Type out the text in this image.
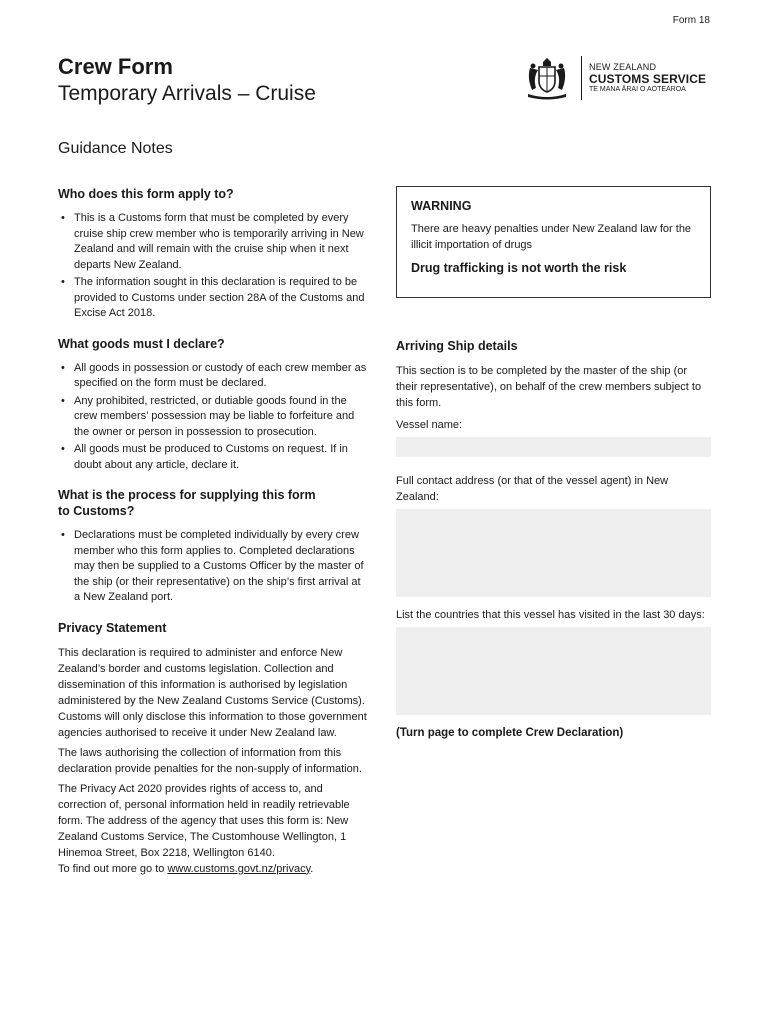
Form 18
Crew Form
Temporary Arrivals – Cruise
NEW ZEALAND
CUSTOMS SERVICE
TE MANA ĀRAI O AOTEAROA
Guidance Notes
Who does this form apply to?
• This is a Customs form that must be completed by every cruise ship crew member who is temporarily arriving in New Zealand and will remain with the cruise ship when it next departs New Zealand.
• The information sought in this declaration is required to be provided to Customs under section 28A of the Customs and Excise Act 2018.
What goods must I declare?
• All goods in possession or custody of each crew member as specified on the form must be declared.
• Any prohibited, restricted, or dutiable goods found in the crew members’ possession may be liable to forfeiture and the owner or person in possession to prosecution.
• All goods must be produced to Customs on request. If in doubt about any article, declare it.
What is the process for supplying this form to Customs?
• Declarations must be completed individually by every crew member who this form applies to. Completed declarations may then be supplied to a Customs Officer by the master of the ship (or their representative) on the ship’s first arrival at a New Zealand port.
Privacy Statement

This declaration is required to administer and enforce New Zealand’s border and customs legislation. Collection and dissemination of this information is authorised by legislation administered by the New Zealand Customs Service (Customs). Customs will only disclose this information to those government agencies authorised to receive it under New Zealand law.

The laws authorising the collection of information from this declaration provide penalties for the non-supply of information.

The Privacy Act 2020 provides rights of access to, and correction of, personal information held in readily retrievable form. The address of the agency that uses this form is: New Zealand Customs Service, The Customhouse Wellington, 1 Hinemoa Street, Box 2218, Wellington 6140.

To find out more go to www.customs.govt.nz/privacy.

WARNING
There are heavy penalties under New Zealand law for the illicit importation of drugs
Drug trafficking is not worth the risk
Arriving Ship details

This section is to be completed by the master of the ship (or their representative), on behalf of the crew members subject to this form.

Vessel name:
Full contact address (or that of the vessel agent) in New Zealand:
List the countries that this vessel has visited in the last 30 days:
(Turn page to complete Crew Declaration)
